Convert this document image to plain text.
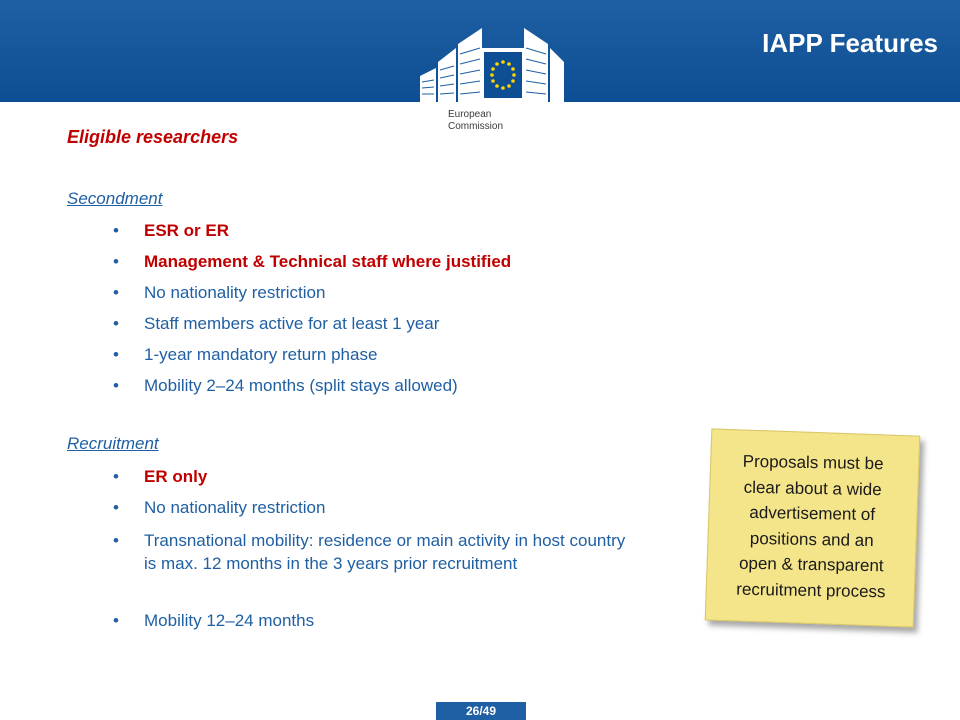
European
Commission
IAPP Features
Eligible researchers
Secondment
• ESR or ER
• Management & Technical staff where justified
• No nationality restriction
• Staff members active for at least 1 year
• 1-year mandatory return phase
• Mobility 2–24 months (split stays allowed)
Recruitment
• ER only
• No nationality restriction
• Transnational mobility: residence or main activity in host country is max. 12 months in the 3 years prior recruitment
• Mobility 12–24 months
Proposals must be
clear about a wide
advertisement of
positions and an
open & transparent
recruitment process
26/49
